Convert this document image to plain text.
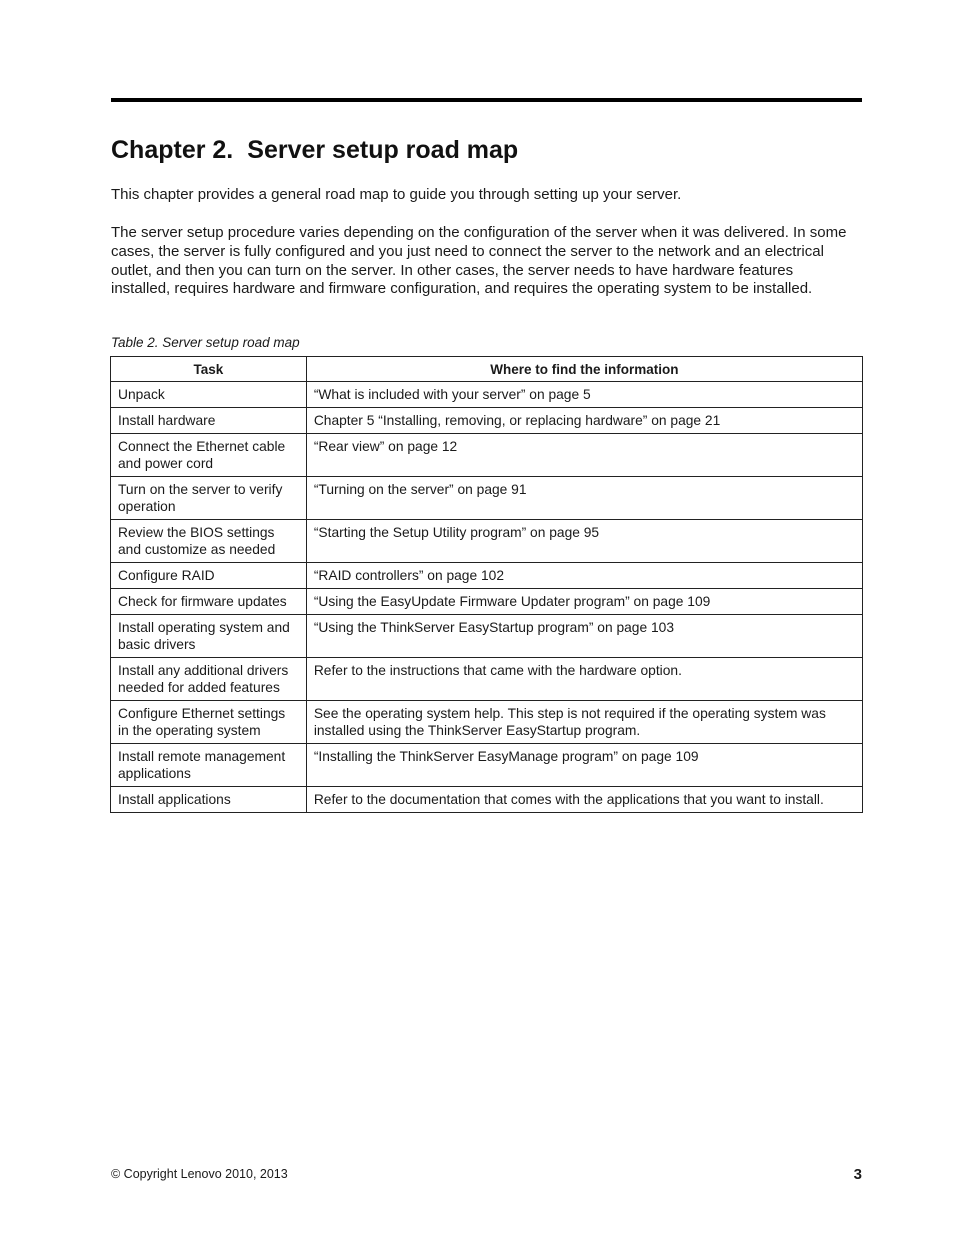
Chapter 2. Server setup road map

This chapter provides a general road map to guide you through setting up your server.

The server setup procedure varies depending on the configuration of the server when it was delivered. In some cases, the server is fully configured and you just need to connect the server to the network and an electrical outlet, and then you can turn on the server. In other cases, the server needs to have hardware features installed, requires hardware and firmware configuration, and requires the operating system to be installed.

Table 2. Server setup road map

Task	Where to find the information
Unpack	“What is included with your server” on page 5
Install hardware	Chapter 5 “Installing, removing, or replacing hardware” on page 21
Connect the Ethernet cable and power cord	“Rear view” on page 12
Turn on the server to verify operation	“Turning on the server” on page 91
Review the BIOS settings and customize as needed	“Starting the Setup Utility program” on page 95
Configure RAID	“RAID controllers” on page 102
Check for firmware updates	“Using the EasyUpdate Firmware Updater program” on page 109
Install operating system and basic drivers	“Using the ThinkServer EasyStartup program” on page 103
Install any additional drivers needed for added features	Refer to the instructions that came with the hardware option.
Configure Ethernet settings in the operating system	See the operating system help. This step is not required if the operating system was installed using the ThinkServer EasyStartup program.
Install remote management applications	“Installing the ThinkServer EasyManage program” on page 109
Install applications	Refer to the documentation that comes with the applications that you want to install.

© Copyright Lenovo 2010, 2013	3
